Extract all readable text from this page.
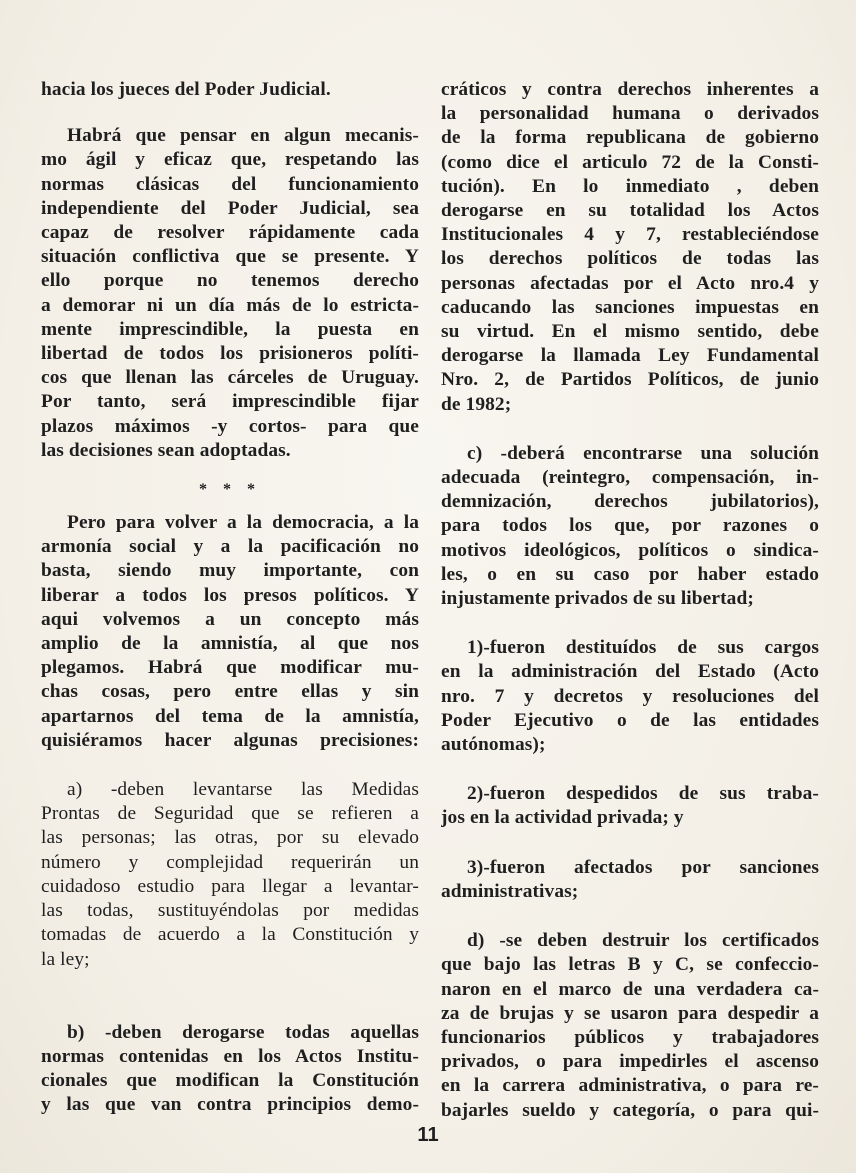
hacia los jueces del Poder Judicial.
Habrá que pensar en algun mecanis-
mo ágil y eficaz que, respetando las
normas clásicas del funcionamiento
independiente del Poder Judicial, sea
capaz de resolver rápidamente cada
situación conflictiva que se presente. Y
ello porque no tenemos derecho
a demorar ni un día más de lo estricta-
mente imprescindible, la puesta en
libertad de todos los prisioneros políti-
cos que llenan las cárceles de Uruguay.
Por tanto, será imprescindible fijar
plazos máximos -y cortos- para que
las decisiones sean adoptadas.
* * *
Pero para volver a la democracia, a la
armonía social y a la pacificación no
basta, siendo muy importante, con
liberar a todos los presos políticos. Y
aqui volvemos a un concepto más
amplio de la amnistía, al que nos
plegamos. Habrá que modificar mu-
chas cosas, pero entre ellas y sin
apartarnos del tema de la amnistía,
quisiéramos hacer algunas precisiones:
a) -deben levantarse las Medidas
Prontas de Seguridad que se refieren a
las personas; las otras, por su elevado
número y complejidad requerirán un
cuidadoso estudio para llegar a levantar-
las todas, sustituyéndolas por medidas
tomadas de acuerdo a la Constitución y
la ley;
b) -deben derogarse todas aquellas
normas contenidas en los Actos Institu-
cionales que modifican la Constitución
y las que van contra principios demo-
cráticos y contra derechos inherentes a
la personalidad humana o derivados
de la forma republicana de gobierno
(como dice el articulo 72 de la Consti-
tución). En lo inmediato , deben
derogarse en su totalidad los Actos
Institucionales 4 y 7, restableciéndose
los derechos políticos de todas las
personas afectadas por el Acto nro.4 y
caducando las sanciones impuestas en
su virtud. En el mismo sentido, debe
derogarse la llamada Ley Fundamental
Nro. 2, de Partidos Políticos, de junio
de 1982;
c) -deberá encontrarse una solución
adecuada (reintegro, compensación, in-
demnización, derechos jubilatorios),
para todos los que, por razones o
motivos ideológicos, políticos o sindica-
les, o en su caso por haber estado
injustamente privados de su libertad;
1)-fueron destituídos de sus cargos
en la administración del Estado (Acto
nro. 7 y decretos y resoluciones del
Poder Ejecutivo o de las entidades
autónomas);
2)-fueron despedidos de sus traba-
jos en la actividad privada; y
3)-fueron afectados por sanciones
administrativas;
d) -se deben destruir los certificados
que bajo las letras B y C, se confeccio-
naron en el marco de una verdadera ca-
za de brujas y se usaron para despedir a
funcionarios públicos y trabajadores
privados, o para impedirles el ascenso
en la carrera administrativa, o para re-
bajarles sueldo y categoría, o para qui-
11
